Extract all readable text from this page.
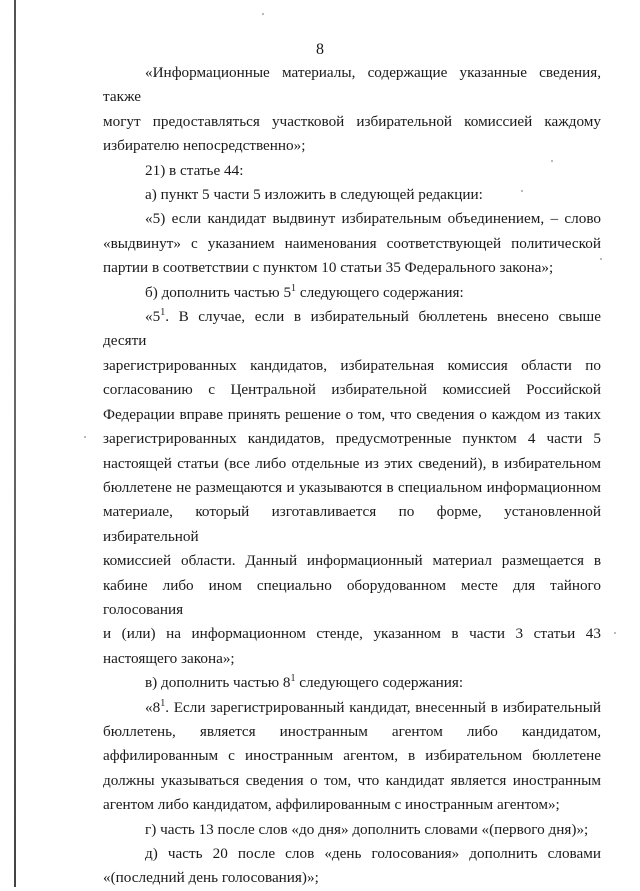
8

«Информационные материалы, содержащие указанные сведения, также

могут предоставляться участковой избирательной комиссией каждому

избирателю непосредственно»;

21) в статье 44:

а) пункт 5 части 5 изложить в следующей редакции:

«5) если кандидат выдвинут избирательным объединением, – слово

«выдвинут» с указанием наименования соответствующей политической

партии в соответствии с пунктом 10 статьи 35 Федерального закона»;

б) дополнить частью $5^1$ следующего содержания:

«$5^1$. В случае, если в избирательный бюллетень внесено свыше десяти

зарегистрированных кандидатов, избирательная комиссия области по

согласованию с Центральной избирательной комиссией Российской

Федерации вправе принять решение о том, что сведения о каждом из таких

зарегистрированных кандидатов, предусмотренные пунктом 4 части 5

настоящей статьи (все либо отдельные из этих сведений), в избирательном

бюллетене не размещаются и указываются в специальном информационном

материале, который изготавливается по форме, установленной избирательной

комиссией области. Данный информационный материал размещается в

кабине либо ином специально оборудованном месте для тайного голосования

и (или) на информационном стенде, указанном в части 3 статьи 43

настоящего закона»;

в) дополнить частью $8^1$ следующего содержания:

«$8^1$. Если зарегистрированный кандидат, внесенный в избирательный

бюллетень, является иностранным агентом либо кандидатом,

аффилированным с иностранным агентом, в избирательном бюллетене

должны указываться сведения о том, что кандидат является иностранным

агентом либо кандидатом, аффилированным с иностранным агентом»;

г) часть 13 после слов «до дня» дополнить словами «(первого дня)»;

д) часть 20 после слов «день голосования» дополнить словами

«(последний день голосования)»;
